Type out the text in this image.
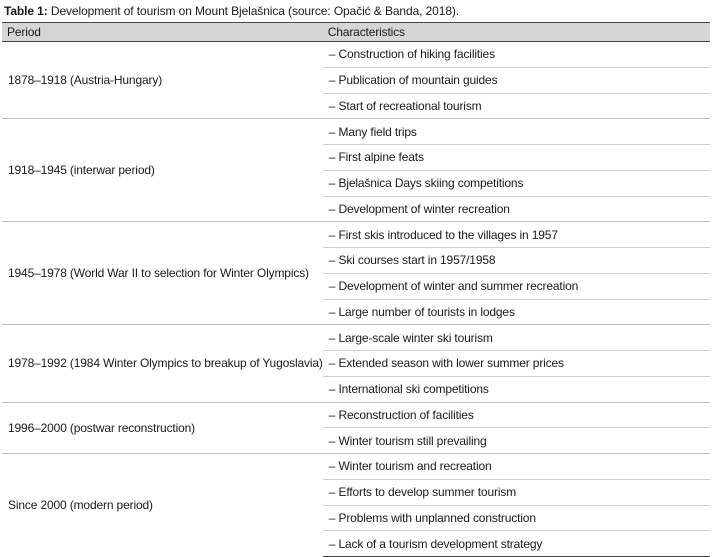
Table 1: Development of tourism on Mount Bjelašnica (source: Opačić & Banda, 2018).
Period	Characteristics
1878–1918 (Austria-Hungary)	– Construction of hiking facilities
	– Publication of mountain guides
	– Start of recreational tourism
1918–1945 (interwar period)	– Many field trips
	– First alpine feats
	– Bjelašnica Days skiing competitions
	– Development of winter recreation
1945–1978 (World War II to selection for Winter Olympics)	– First skis introduced to the villages in 1957
	– Ski courses start in 1957/1958
	– Development of winter and summer recreation
	– Large number of tourists in lodges
1978–1992 (1984 Winter Olympics to breakup of Yugoslavia)	– Large-scale winter ski tourism
	– Extended season with lower summer prices
	– International ski competitions
1996–2000 (postwar reconstruction)	– Reconstruction of facilities
	– Winter tourism still prevailing
Since 2000 (modern period)	– Winter tourism and recreation
	– Efforts to develop summer tourism
	– Problems with unplanned construction
	– Lack of a tourism development strategy
